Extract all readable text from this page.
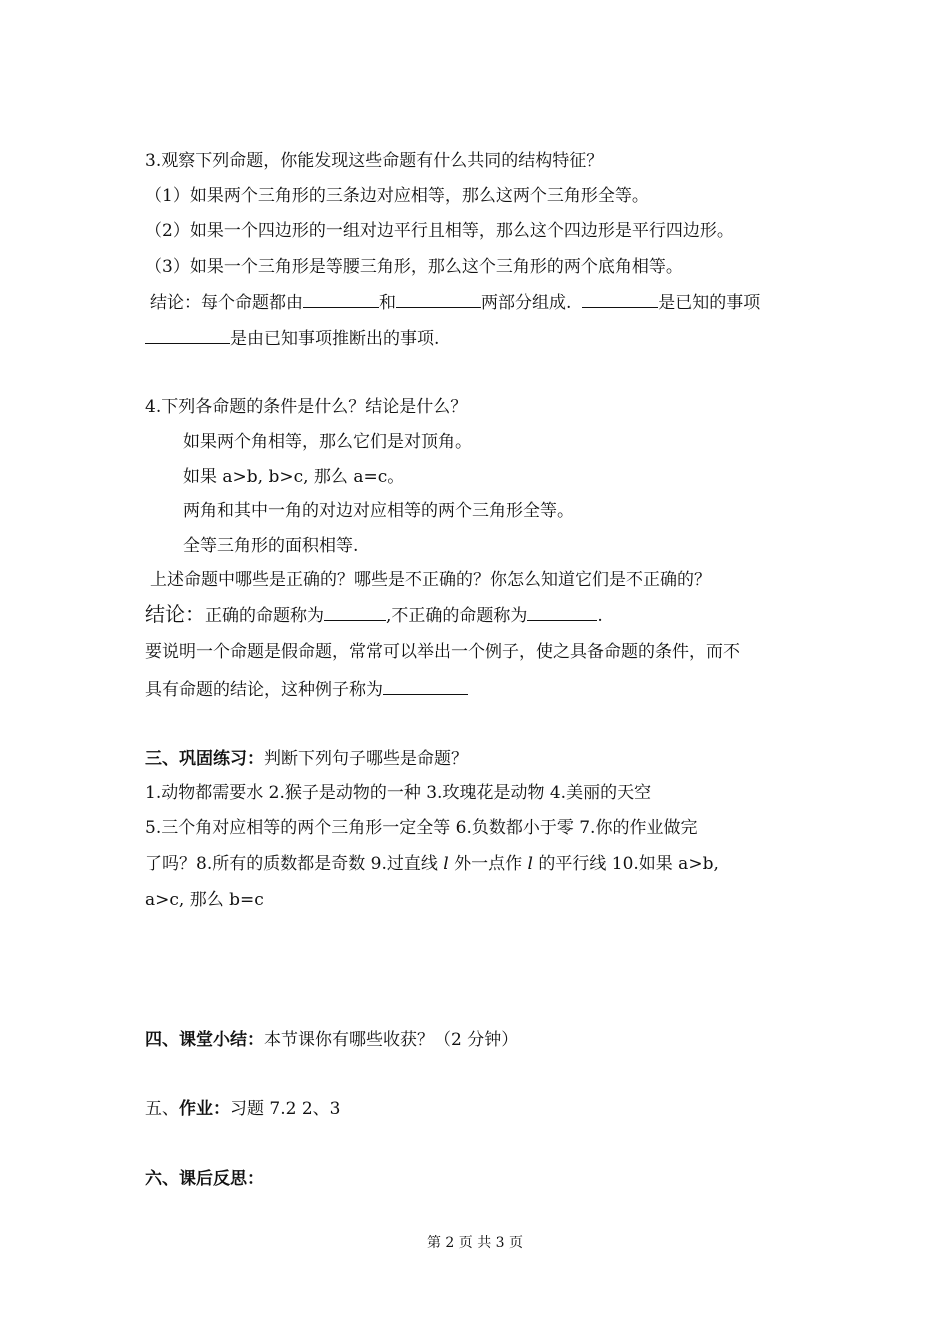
3.观察下列命题，你能发现这些命题有什么共同的结构特征？
（1）如果两个三角形的三条边对应相等，那么这两个三角形全等。
（2）如果一个四边形的一组对边平行且相等，那么这个四边形是平行四边形。
（3）如果一个三角形是等腰三角形，那么这个三角形的两个底角相等。
结论：每个命题都由	和	两部分组成.	是已知的事项
是由已知事项推断出的事项.
4.下列各命题的条件是什么？结论是什么？
如果两个角相等，那么它们是对顶角。
如果 a>b, b>c, 那么 a=c。
两角和其中一角的对边对应相等的两个三角形全等。
全等三角形的面积相等.
上述命题中哪些是正确的？哪些是不正确的？你怎么知道它们是不正确的？
结论：正确的命题称为	,不正确的命题称为	.
要说明一个命题是假命题，常常可以举出一个例子，使之具备命题的条件，而不
具有命题的结论，这种例子称为
三、巩固练习：判断下列句子哪些是命题？
1.动物都需要水 2.猴子是动物的一种 3.玫瑰花是动物 4.美丽的天空
5.三个角对应相等的两个三角形一定全等 6.负数都小于零 7.你的作业做完
了吗？8.所有的质数都是奇数 9.过直线 l 外一点作 l 的平行线 10.如果 a>b,
a>c, 那么 b=c
四、课堂小结：本节课你有哪些收获？（2 分钟）
五、作业：习题 7.2 2、3
六、课后反思：
第 2 页 共 3 页
